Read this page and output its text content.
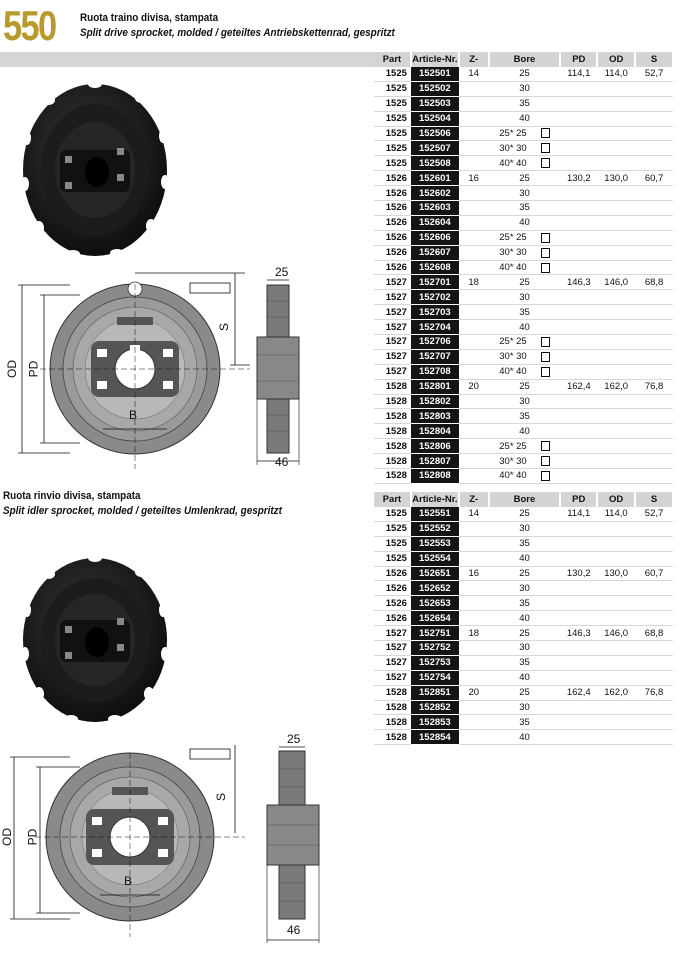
550 Ruota traino divisa, stampata
Split drive sprocket, molded / geteiltes Antriebskettenrad, gespritzt
Part	Article-Nr.	Z-	Bore	PD	OD	S
1525	152501	14	25	114,1	114,0	52,7
1525	152502		30			
1525	152503		35			
1525	152504		40			
1525	152506		25* 25			
1525	152507		30* 30			
1525	152508		40* 40			
1526	152601	16	25	130,2	130,0	60,7
1526	152602		30			
1526	152603		35			
1526	152604		40			
1526	152606		25* 25			
1526	152607		30* 30			
1526	152608		40* 40			
1527	152701	18	25	146,3	146,0	68,8
1527	152702		30			
1527	152703		35			
1527	152704		40			
1527	152706		25* 25			
1527	152707		30* 30			
1527	152708		40* 40			
1528	152801	20	25	162,4	162,0	76,8
1528	152802		30			
1528	152803		35			
1528	152804		40			
1528	152806		25* 25			
1528	152807		30* 30			
1528	152808		40* 40			
Ruota rinvio divisa, stampata
Split idler sprocket, molded / geteiltes Umlenkrad, gespritzt
Part	Article-Nr.	Z-	Bore	PD	OD	S
1525	152551	14	25	114,1	114,0	52,7
1525	152552		30			
1525	152553		35			
1525	152554		40			
1526	152651	16	25	130,2	130,0	60,7
1526	152652		30			
1526	152653		35			
1526	152654		40			
1527	152751	18	25	146,3	146,0	68,8
1527	152752		30			
1527	152753		35			
1527	152754		40			
1528	152851	20	25	162,4	162,0	76,8
1528	152852		30			
1528	152853		35			
1528	152854		40			
25
46
S
OD PD
B
25
46
S
OD PD
B
